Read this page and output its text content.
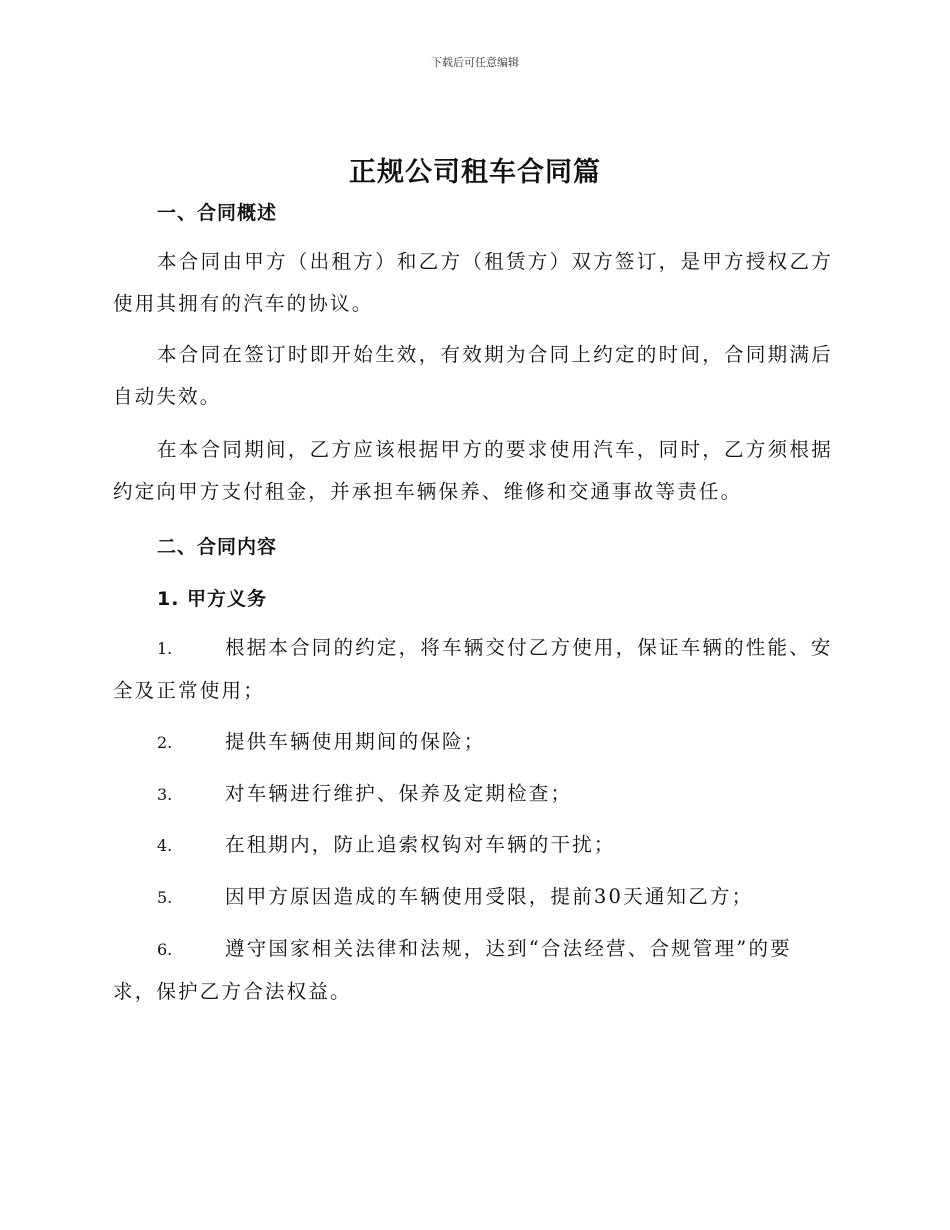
下载后可任意编辑
正规公司租车合同篇
一、合同概述
本合同由甲方（出租方）和乙方（租赁方）双方签订，是甲方授权乙方使用其拥有的汽车的协议。
本合同在签订时即开始生效，有效期为合同上约定的时间，合同期满后自动失效。
在本合同期间，乙方应该根据甲方的要求使用汽车，同时，乙方须根据约定向甲方支付租金，并承担车辆保养、维修和交通事故等责任。
二、合同内容
1. 甲方义务
1.	根据本合同的约定，将车辆交付乙方使用，保证车辆的性能、安全及正常使用；
2.	提供车辆使用期间的保险；
3.	对车辆进行维护、保养及定期检查；
4.	在租期内，防止追索权钩对车辆的干扰；
5.	因甲方原因造成的车辆使用受限，提前30天通知乙方；
6.	遵守国家相关法律和法规，达到“合法经营、合规管理”的要求，保护乙方合法权益。
